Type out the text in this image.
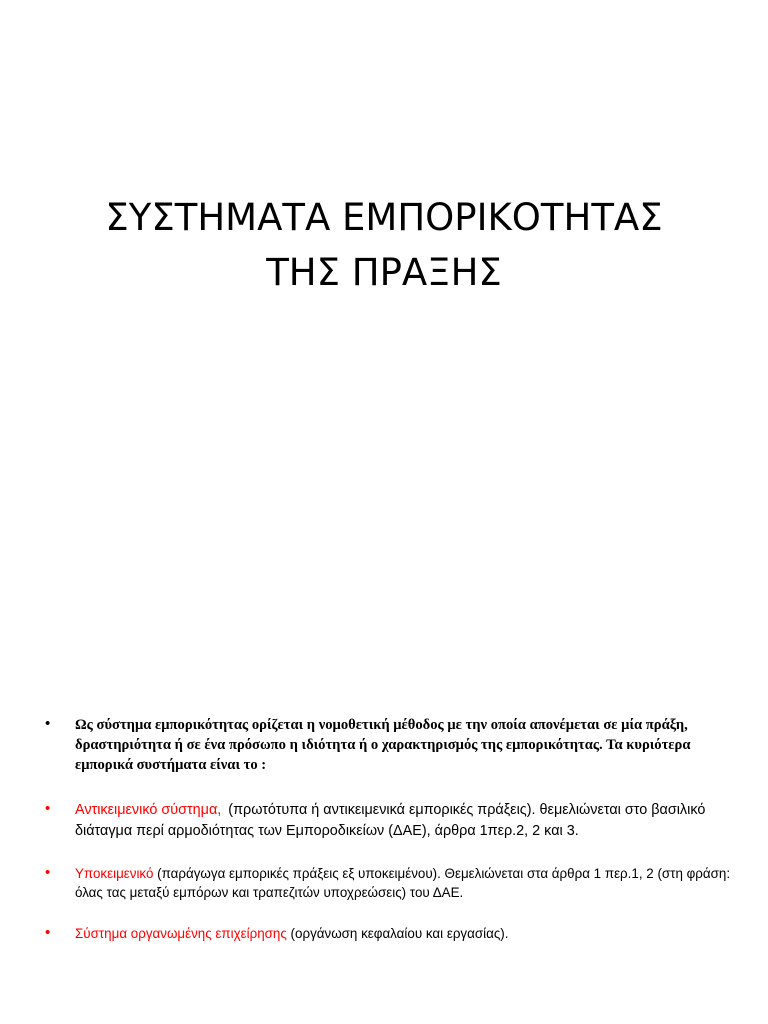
ΣΥΣΤΗΜΑΤΑ ΕΜΠΟΡΙΚΟΤΗΤΑΣ
ΤΗΣ ΠΡΑΞΗΣ
• Ως σύστημα εμπορικότητας ορίζεται η νομοθετική μέθοδος με την οποία απονέμεται σε μία πράξη, δραστηριότητα ή σε ένα πρόσωπο η ιδιότητα ή ο χαρακτηρισμός της εμπορικότητας. Τα κυριότερα εμπορικά συστήματα είναι το :
• Αντικειμενικό σύστημα, (πρωτότυπα ή αντικειμενικά εμπορικές πράξεις). θεμελιώνεται στο βασιλικό διάταγμα περί αρμοδιότητας των Εμποροδικείων (ΔΑΕ), άρθρα 1περ.2, 2 και 3.
• Υποκειμενικό (παράγωγα εμπορικές πράξεις εξ υποκειμένου). Θεμελιώνεται στα άρθρα 1 περ.1, 2 (στη φράση: όλας τας μεταξύ εμπόρων και τραπεζιτών υποχρεώσεις) του ΔΑΕ.
• Σύστημα οργανωμένης επιχείρησης (οργάνωση κεφαλαίου και εργασίας).
